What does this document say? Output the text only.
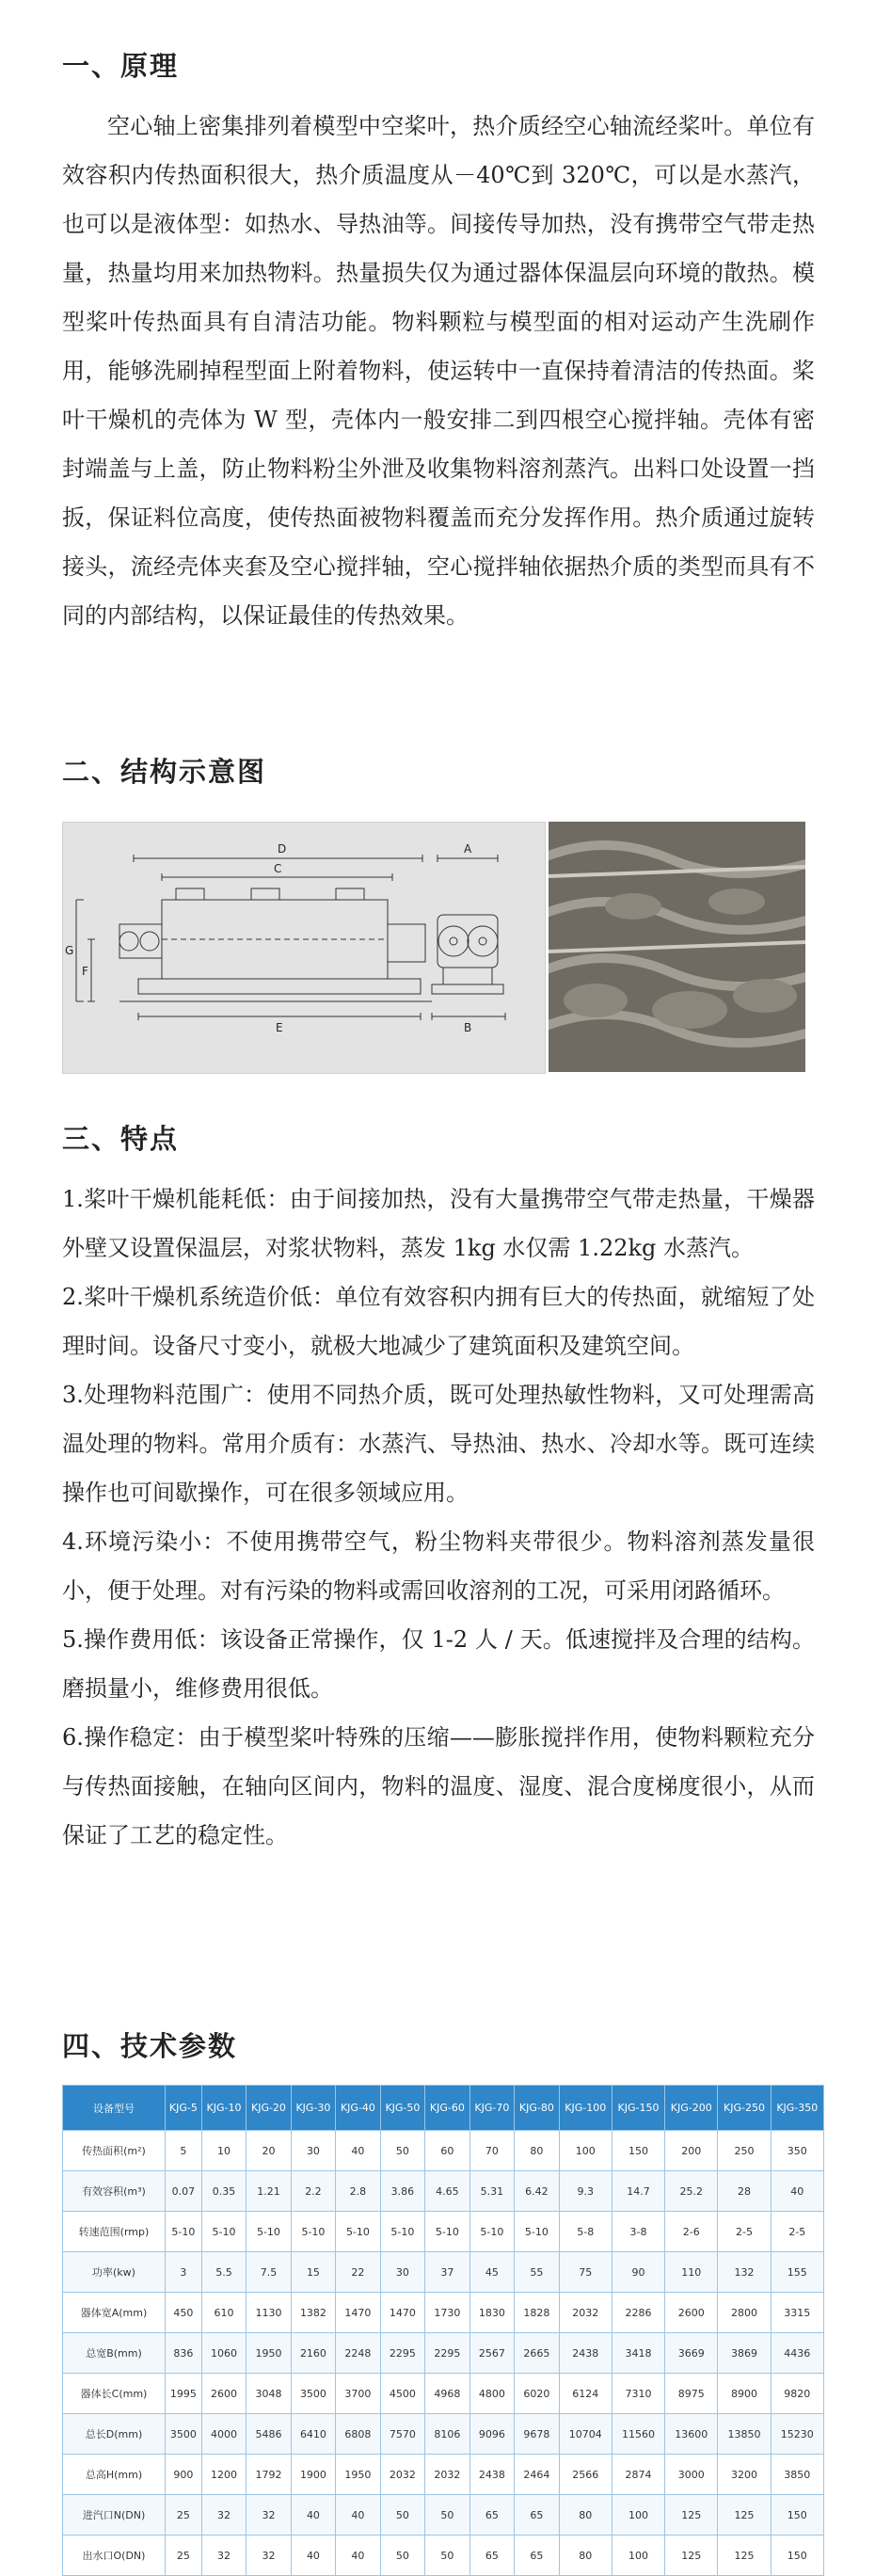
一、原理

空心轴上密集排列着模型中空桨叶，热介质经空心轴流经桨叶。单位有效容积内传热面积很大，热介质温度从－40℃到 320℃，可以是水蒸汽，也可以是液体型：如热水、导热油等。间接传导加热，没有携带空气带走热量，热量均用来加热物料。热量损失仅为通过器体保温层向环境的散热。模型桨叶传热面具有自清洁功能。物料颗粒与模型面的相对运动产生洗刷作用，能够洗刷掉程型面上附着物料，使运转中一直保持着清洁的传热面。桨叶干燥机的壳体为 W 型，壳体内一般安排二到四根空心搅拌轴。壳体有密封端盖与上盖，防止物料粉尘外泄及收集物料溶剂蒸汽。出料口处设置一挡扳，保证料位高度，使传热面被物料覆盖而充分发挥作用。热介质通过旋转接头，流经壳体夹套及空心搅拌轴，空心搅拌轴依据热介质的类型而具有不同的内部结构，以保证最佳的传热效果。

二、结构示意图
D
C
A
G
F
E	B
三、特点

1.桨叶干燥机能耗低：由于间接加热，没有大量携带空气带走热量，干燥器外壁又设置保温层，对浆状物料，蒸发 1kg 水仅需 1.22kg 水蒸汽。

2.桨叶干燥机系统造价低：单位有效容积内拥有巨大的传热面，就缩短了处理时间。设备尺寸变小，就极大地减少了建筑面积及建筑空间。

3.处理物料范围广：使用不同热介质，既可处理热敏性物料，又可处理需高温处理的物料。常用介质有：水蒸汽、导热油、热水、冷却水等。既可连续操作也可间歇操作，可在很多领域应用。

4.环境污染小：不使用携带空气，粉尘物料夹带很少。物料溶剂蒸发量很小，便于处理。对有污染的物料或需回收溶剂的工况，可采用闭路循环。

5.操作费用低：该设备正常操作，仅 1-2 人 / 天。低速搅拌及合理的结构。磨损量小，维修费用很低。

6.操作稳定：由于模型桨叶特殊的压缩——膨胀搅拌作用，使物料颗粒充分与传热面接触，在轴向区间内，物料的温度、湿度、混合度梯度很小，从而保证了工艺的稳定性。

四、技术参数
设备型号	KJG-5	KJG-10	KJG-20	KJG-30	KJG-40	KJG-50	KJG-60	KJG-70	KJG-80	KJG-100	KJG-150	KJG-200	KJG-250	KJG-350
传热面积(m²)	5	10	20	30	40	50	60	70	80	100	150	200	250	350
有效容积(m³)	0.07	0.35	1.21	2.2	2.8	3.86	4.65	5.31	6.42	9.3	14.7	25.2	28	40
转速范围(rmp)	5-10	5-10	5-10	5-10	5-10	5-10	5-10	5-10	5-10	5-8	3-8	2-6	2-5	2-5
功率(kw)	3	5.5	7.5	15	22	30	37	45	55	75	90	110	132	155
器体宽A(mm)	450	610	1130	1382	1470	1470	1730	1830	1828	2032	2286	2600	2800	3315
总宽B(mm)	836	1060	1950	2160	2248	2295	2295	2567	2665	2438	3418	3669	3869	4436
器体长C(mm)	1995	2600	3048	3500	3700	4500	4968	4800	6020	6124	7310	8975	8900	9820
总长D(mm)	3500	4000	5486	6410	6808	7570	8106	9096	9678	10704	11560	13600	13850	15230
总高H(mm)	900	1200	1792	1900	1950	2032	2032	2438	2464	2566	2874	3000	3200	3850
进汽口N(DN)	25	32	32	40	40	50	50	65	65	80	100	125	125	150
出水口O(DN)	25	32	32	40	40	50	50	65	65	80	100	125	125	150
